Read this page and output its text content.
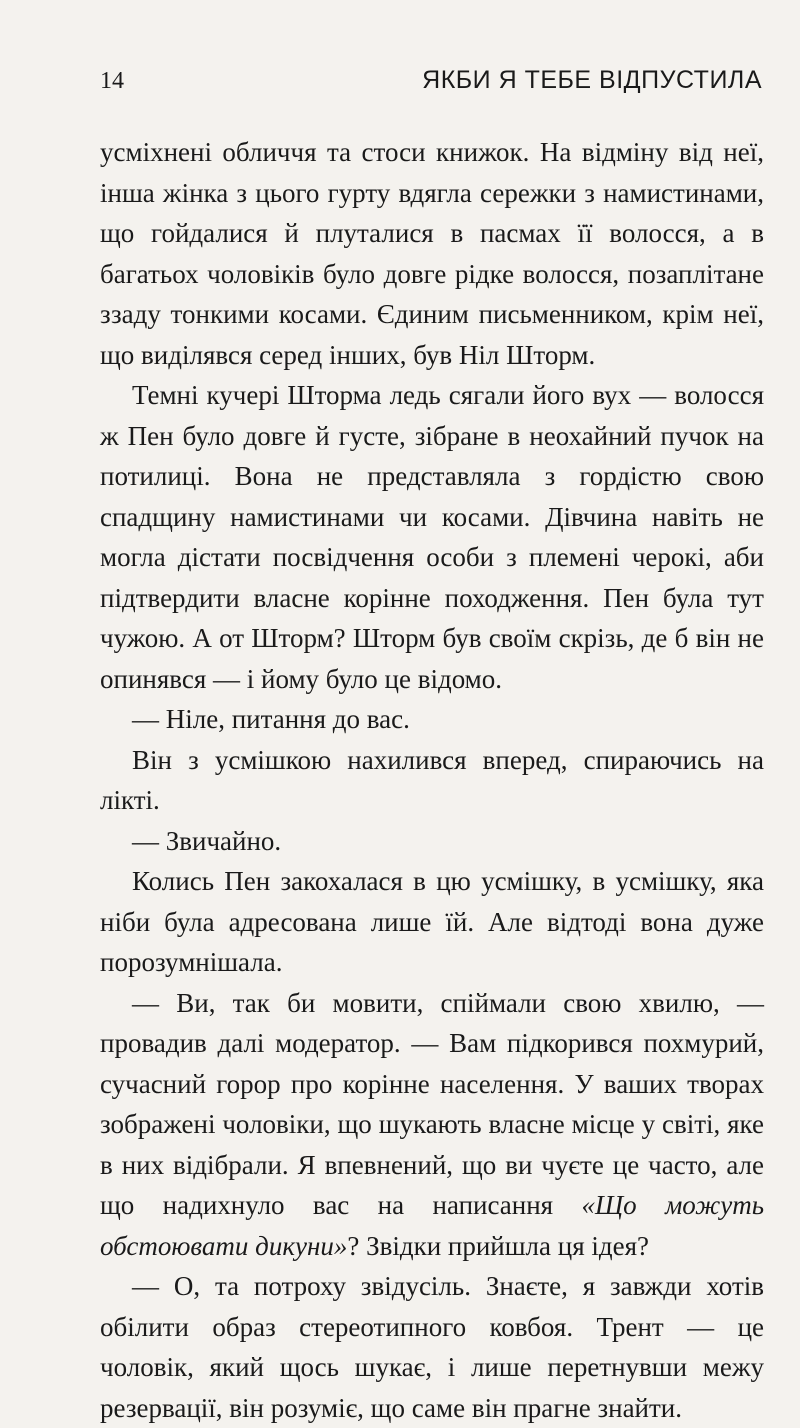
14	ЯКБИ Я ТЕБЕ ВІДПУСТИЛА

усміхнені обличчя та стоси книжок. На відміну від неї, інша жінка з цього гурту вдягла сережки з намистинами, що гойдалися й плуталися в пасмах її волосся, а в багатьох чоловіків було довге рідке волосся, позаплітане ззаду тонкими косами. Єдиним письменником, крім неї, що виділявся серед інших, був Ніл Шторм.

Темні кучері Шторма ледь сягали його вух — волосся ж Пен було довге й густе, зібране в неохайний пучок на потилиці. Вона не представляла з гордістю свою спадщину намистинами чи косами. Дівчина навіть не могла дістати посвідчення особи з племені черокі, аби підтвердити власне корінне походження. Пен була тут чужою. А от Шторм? Шторм був своїм скрізь, де б він не опинявся — і йому було це відомо.

— Ніле, питання до вас.

Він з усмішкою нахилився вперед, спираючись на лікті.

— Звичайно.

Колись Пен закохалася в цю усмішку, в усмішку, яка ніби була адресована лише їй. Але відтоді вона дуже порозумнішала.

— Ви, так би мовити, спіймали свою хвилю, — провадив далі модератор. — Вам підкорився похмурий, сучасний горор про корінне населення. У ваших творах зображені чоловіки, що шукають власне місце у світі, яке в них відібрали. Я впевнений, що ви чуєте це часто, але що надихнуло вас на написання «Що можуть обстоювати дикуни»? Звідки прийшла ця ідея?

— О, та потроху звідусіль. Знаєте, я завжди хотів обілити образ стереотипного ковбоя. Трент — це чоловік, який щось шукає, і лише перетнувши межу резервації, він розуміє, що саме він прагне знайти.
